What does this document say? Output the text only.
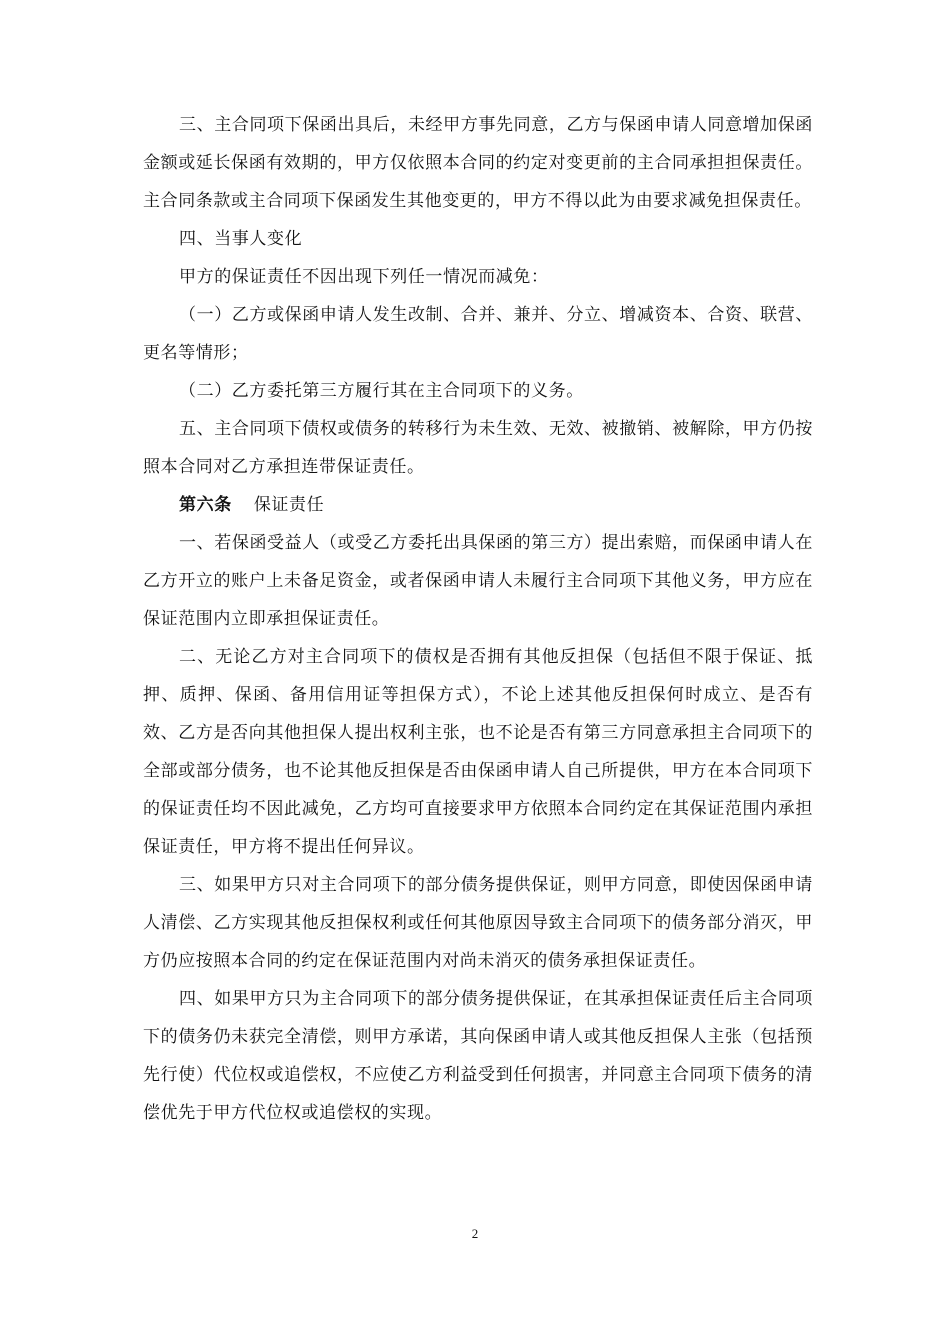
三、主合同项下保函出具后，未经甲方事先同意，乙方与保函申请人同意增加保函金额或延长保函有效期的，甲方仅依照本合同的约定对变更前的主合同承担担保责任。主合同条款或主合同项下保函发生其他变更的，甲方不得以此为由要求减免担保责任。

四、当事人变化

甲方的保证责任不因出现下列任一情况而减免：

（一）乙方或保函申请人发生改制、合并、兼并、分立、增减资本、合资、联营、更名等情形；

（二）乙方委托第三方履行其在主合同项下的义务。

五、主合同项下债权或债务的转移行为未生效、无效、被撤销、被解除，甲方仍按照本合同对乙方承担连带保证责任。

第六条 保证责任

一、若保函受益人（或受乙方委托出具保函的第三方）提出索赔，而保函申请人在乙方开立的账户上未备足资金，或者保函申请人未履行主合同项下其他义务，甲方应在保证范围内立即承担保证责任。

二、无论乙方对主合同项下的债权是否拥有其他反担保（包括但不限于保证、抵押、质押、保函、备用信用证等担保方式），不论上述其他反担保何时成立、是否有效、乙方是否向其他担保人提出权利主张，也不论是否有第三方同意承担主合同项下的全部或部分债务，也不论其他反担保是否由保函申请人自己所提供，甲方在本合同项下的保证责任均不因此减免，乙方均可直接要求甲方依照本合同约定在其保证范围内承担保证责任，甲方将不提出任何异议。

三、如果甲方只对主合同项下的部分债务提供保证，则甲方同意，即使因保函申请人清偿、乙方实现其他反担保权利或任何其他原因导致主合同项下的债务部分消灭，甲方仍应按照本合同的约定在保证范围内对尚未消灭的债务承担保证责任。

四、如果甲方只为主合同项下的部分债务提供保证，在其承担保证责任后主合同项下的债务仍未获完全清偿，则甲方承诺，其向保函申请人或其他反担保人主张（包括预先行使）代位权或追偿权，不应使乙方利益受到任何损害，并同意主合同项下债务的清偿优先于甲方代位权或追偿权的实现。

2
